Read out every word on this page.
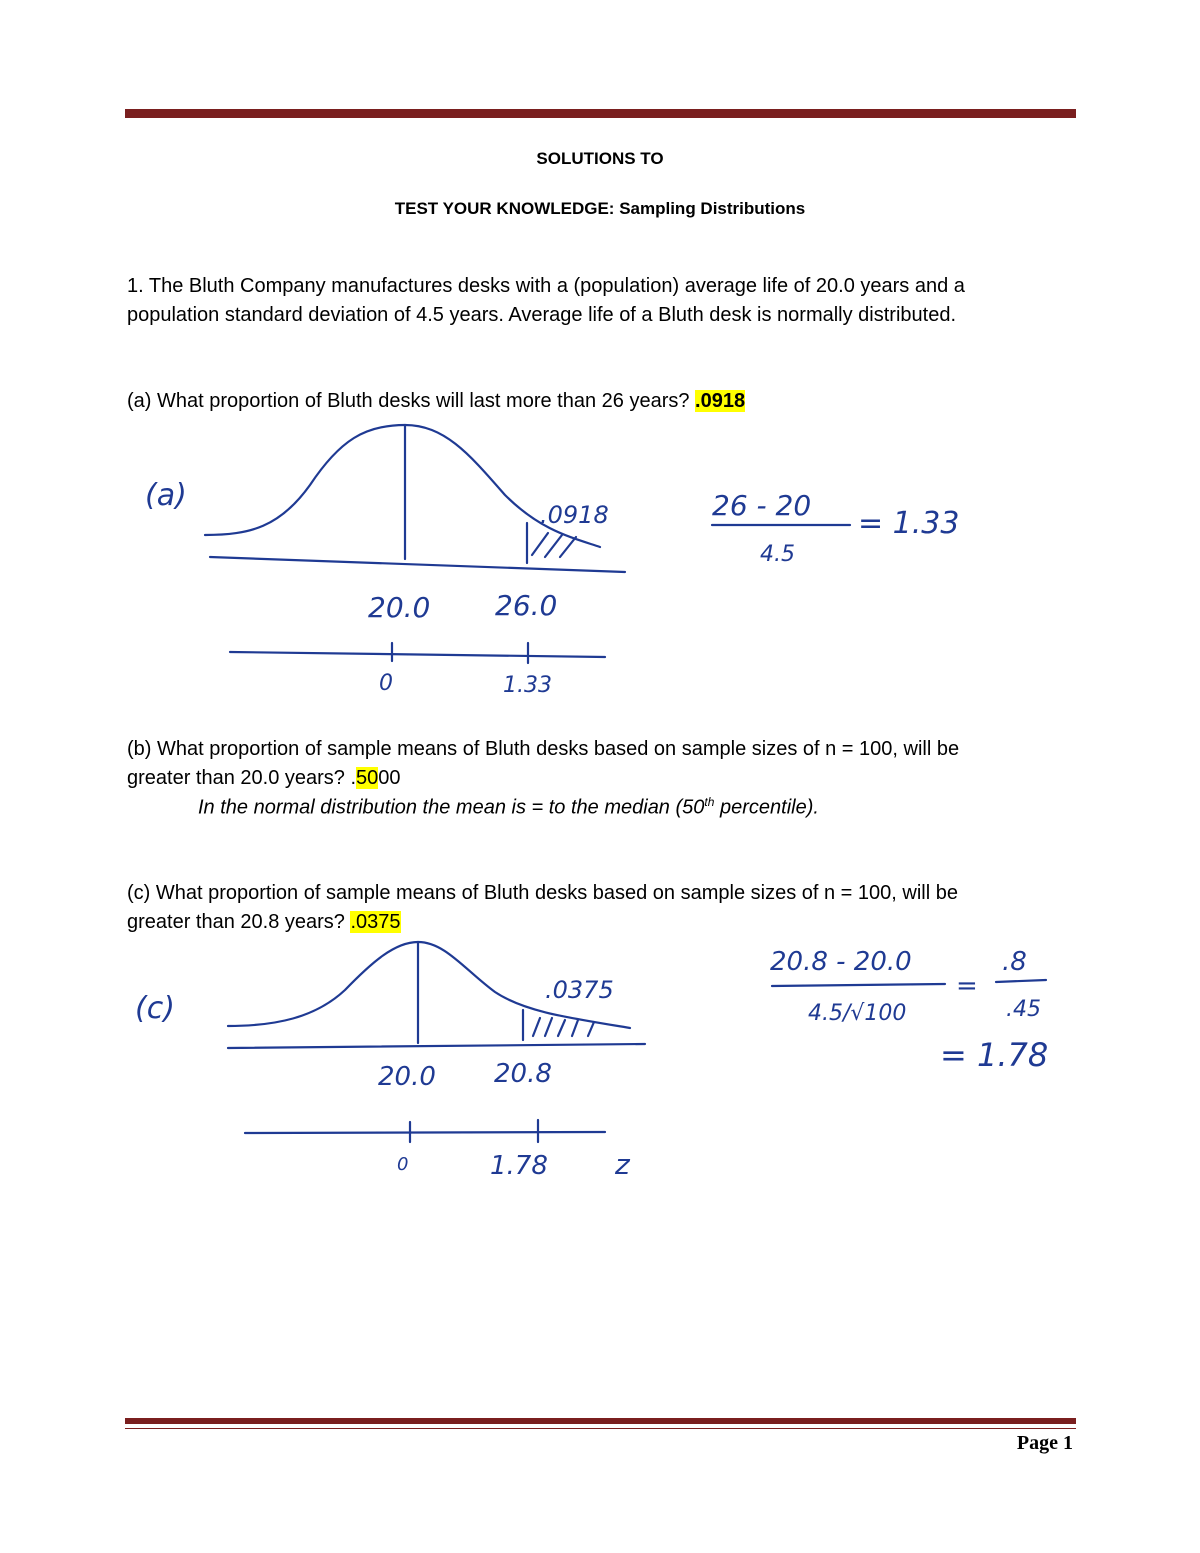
SOLUTIONS TO
TEST YOUR KNOWLEDGE: Sampling Distributions
1. The Bluth Company manufactures desks with a (population) average life of 20.0 years and a
population standard deviation of 4.5 years. Average life of a Bluth desk is normally distributed.
(a) What proportion of Bluth desks will last more than 26 years? .0918
(a)
.0918
20.0 26.0
0	1.33
26 - 20
4.5
= 1.33
(b) What proportion of sample means of Bluth desks based on sample sizes of n = 100, will be
greater than 20.0 years? .5000
In the normal distribution the mean is = to the median (50th percentile).
(c) What proportion of sample means of Bluth desks based on sample sizes of n = 100, will be
greater than 20.8 years? .0375
(c)
.0375
20.0 20.8
0	1.78 z
20.8 - 20.0
4.5/√100
=
.8
.45
= 1.78
Page 1
